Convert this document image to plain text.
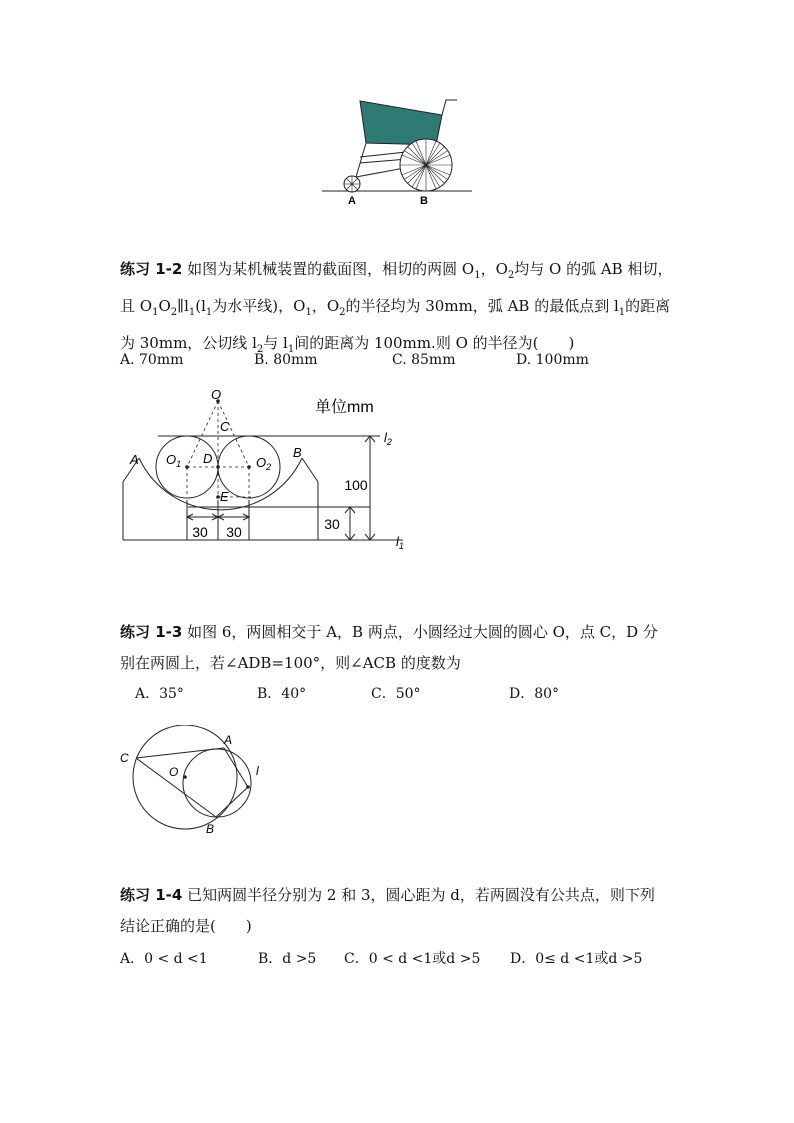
A	B
练习 1-2 如图为某机械装置的截面图，相切的两圆 $O_1$，$O_2$均与 O 的弧 AB 相切，
且 $O_1O_2\parallel l_1(l_1$为水平线)，$O_1$，$O_2$的半径均为 30mm，弧 AB 的最低点到 $l_1$的距离
为 30mm，公切线 $l_2$与 $l_1$间的距离为 100mm.则 O 的半径为(　　)
A. 70mm	B. 80mm	C. 85mm	D. 100mm
单位mm
O
C
D
E
A	B
$O_1$	$O_2$
$l_2$
$l_1$
100
30 30	30
练习 1-3 如图 6，两圆相交于 A，B 两点，小圆经过大圆的圆心 O，点 C，D 分
别在两圆上，若∠ADB=100°，则∠ACB 的度数为
A．35°	B．40°	C．50°	D．80°
C
A
O	l
B
练习 1-4 已知两圆半径分别为 2 和 3，圆心距为 d，若两圆没有公共点，则下列
结论正确的是(　　)
A．0 < d <1	B．d >5 C．0 < d <1或d >5 D．0≤ d <1或d >5
